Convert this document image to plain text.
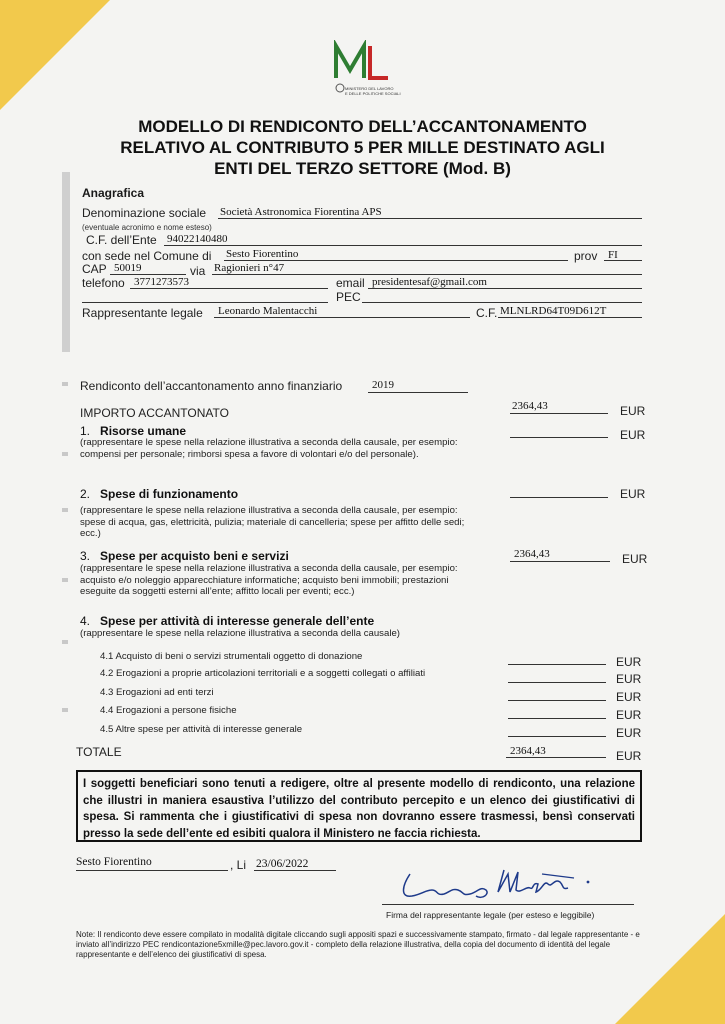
MINISTERO DEL LAVORO
E DELLE POLITICHE SOCIALI
MODELLO DI RENDICONTO DELL’ACCANTONAMENTO
RELATIVO AL CONTRIBUTO 5 PER MILLE DESTINATO AGLI
ENTI DEL TERZO SETTORE (Mod. B)
Anagrafica
Denominazione sociale Società Astronomica Fiorentina APS
(eventuale acronimo e nome esteso)
C.F. dell’Ente 94022140480
con sede nel Comune di Sesto Fiorentino	prov FI
CAP 50019	via Ragionieri n°47
telefono 3771273573	email presidentesaf@gmail.com
PEC
Rappresentante legale Leonardo Malentacchi	C.F. MLNLRD64T09D612T
Rendiconto dell’accantonamento anno finanziario	2019
IMPORTO ACCANTONATO	2364,43	EUR
1. Risorse umane	EUR
(rappresentare le spese nella relazione illustrativa a seconda della causale, per esempio: compensi per personale; rimborsi spesa a favore di volontari e/o del personale).
2. Spese di funzionamento	EUR
(rappresentare le spese nella relazione illustrativa a seconda della causale, per esempio: spese di acqua, gas, elettricità, pulizia; materiale di cancelleria; spese per affitto delle sedi; ecc.)
3. Spese per acquisto beni e servizi	2364,43	EUR
(rappresentare le spese nella relazione illustrativa a seconda della causale, per esempio: acquisto e/o noleggio apparecchiature informatiche; acquisto beni immobili; prestazioni eseguite da soggetti esterni all’ente; affitto locali per eventi; ecc.)
4. Spese per attività di interesse generale dell’ente
(rappresentare le spese nella relazione illustrativa a seconda della causale)
4.1 Acquisto di beni o servizi strumentali oggetto di donazione	EUR
4.2 Erogazioni a proprie articolazioni territoriali e a soggetti collegati o affiliati	EUR
4.3 Erogazioni ad enti terzi	EUR
4.4 Erogazioni a persone fisiche	EUR
4.5 Altre spese per attività di interesse generale	EUR
TOTALE	2364,43	EUR
I soggetti beneficiari sono tenuti a redigere, oltre al presente modello di rendiconto, una relazione che illustri in maniera esaustiva l’utilizzo del contributo percepito e un elenco dei giustificativi di spesa. Si rammenta che i giustificativi di spesa non dovranno essere trasmessi, bensì conservati presso la sede dell’ente ed esibiti qualora il Ministero ne faccia richiesta.
Sesto Fiorentino	, Li 23/06/2022
Firma del rappresentante legale (per esteso e leggibile)
Note: Il rendiconto deve essere compilato in modalità digitale cliccando sugli appositi spazi e successivamente stampato, firmato - dal legale rappresentante - e inviato all’indirizzo PEC rendicontazione5xmille@pec.lavoro.gov.it - completo della relazione illustrativa, della copia del documento di identità del legale rappresentante e dell’elenco dei giustificativi di spesa.
